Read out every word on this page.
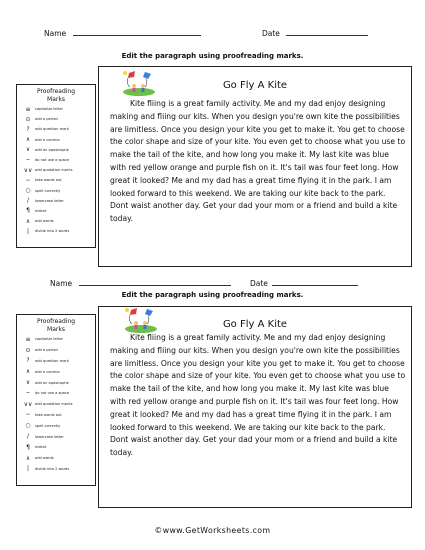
Name	Date
Edit the paragraph using proofreading marks.
Proofreading
Marks
≡	capitalize letter
⊙	add a period
?	add question mark
∧	add a comma
∨	add an apostrophe
⌣	do not use a space
∨∨ add quotation marks
∽	take words out
○	spell correctly
/	lowercase letter
¶	indent
∧	add words
|	divide into 2 words
Go Fly A Kite

Kite fliing is a great family activity. Me and my dad enjoy designing making and fliing our kits. When you design you're own kite the possibilities are limitless. Once you design your kite you get to make it. You get to choose the color shape and size of your kite. You even get to choose what you use to make the tail of the kite, and how long you make it. My last kite was blue with red yellow orange and purple fish on it. It's tail was four feet long. How great it looked? Me and my dad has a great time flying it in the park. I am looked forward to this weekend. We are taking our kite back to the park. Dont waist another day. Get your dad your mom or a friend and build a kite today.

Name	Date
Edit the paragraph using proofreading marks.
Proofreading
Marks
≡	capitalize letter
⊙	add a period
?	add question mark
∧	add a comma
∨	add an apostrophe
⌣	do not use a space
∨∨ add quotation marks
∽	take words out
○	spell correctly
/	lowercase letter
¶	indent
∧	add words
|	divide into 2 words
Go Fly A Kite

Kite fliing is a great family activity. Me and my dad enjoy designing making and fliing our kits. When you design you're own kite the possibilities are limitless. Once you design your kite you get to make it. You get to choose the color shape and size of your kite. You even get to choose what you use to make the tail of the kite, and how long you make it. My last kite was blue with red yellow orange and purple fish on it. It's tail was four feet long. How great it looked? Me and my dad has a great time flying it in the park. I am looked forward to this weekend. We are taking our kite back to the park. Dont waist another day. Get your dad your mom or a friend and build a kite today.

©www.GetWorksheets.com
